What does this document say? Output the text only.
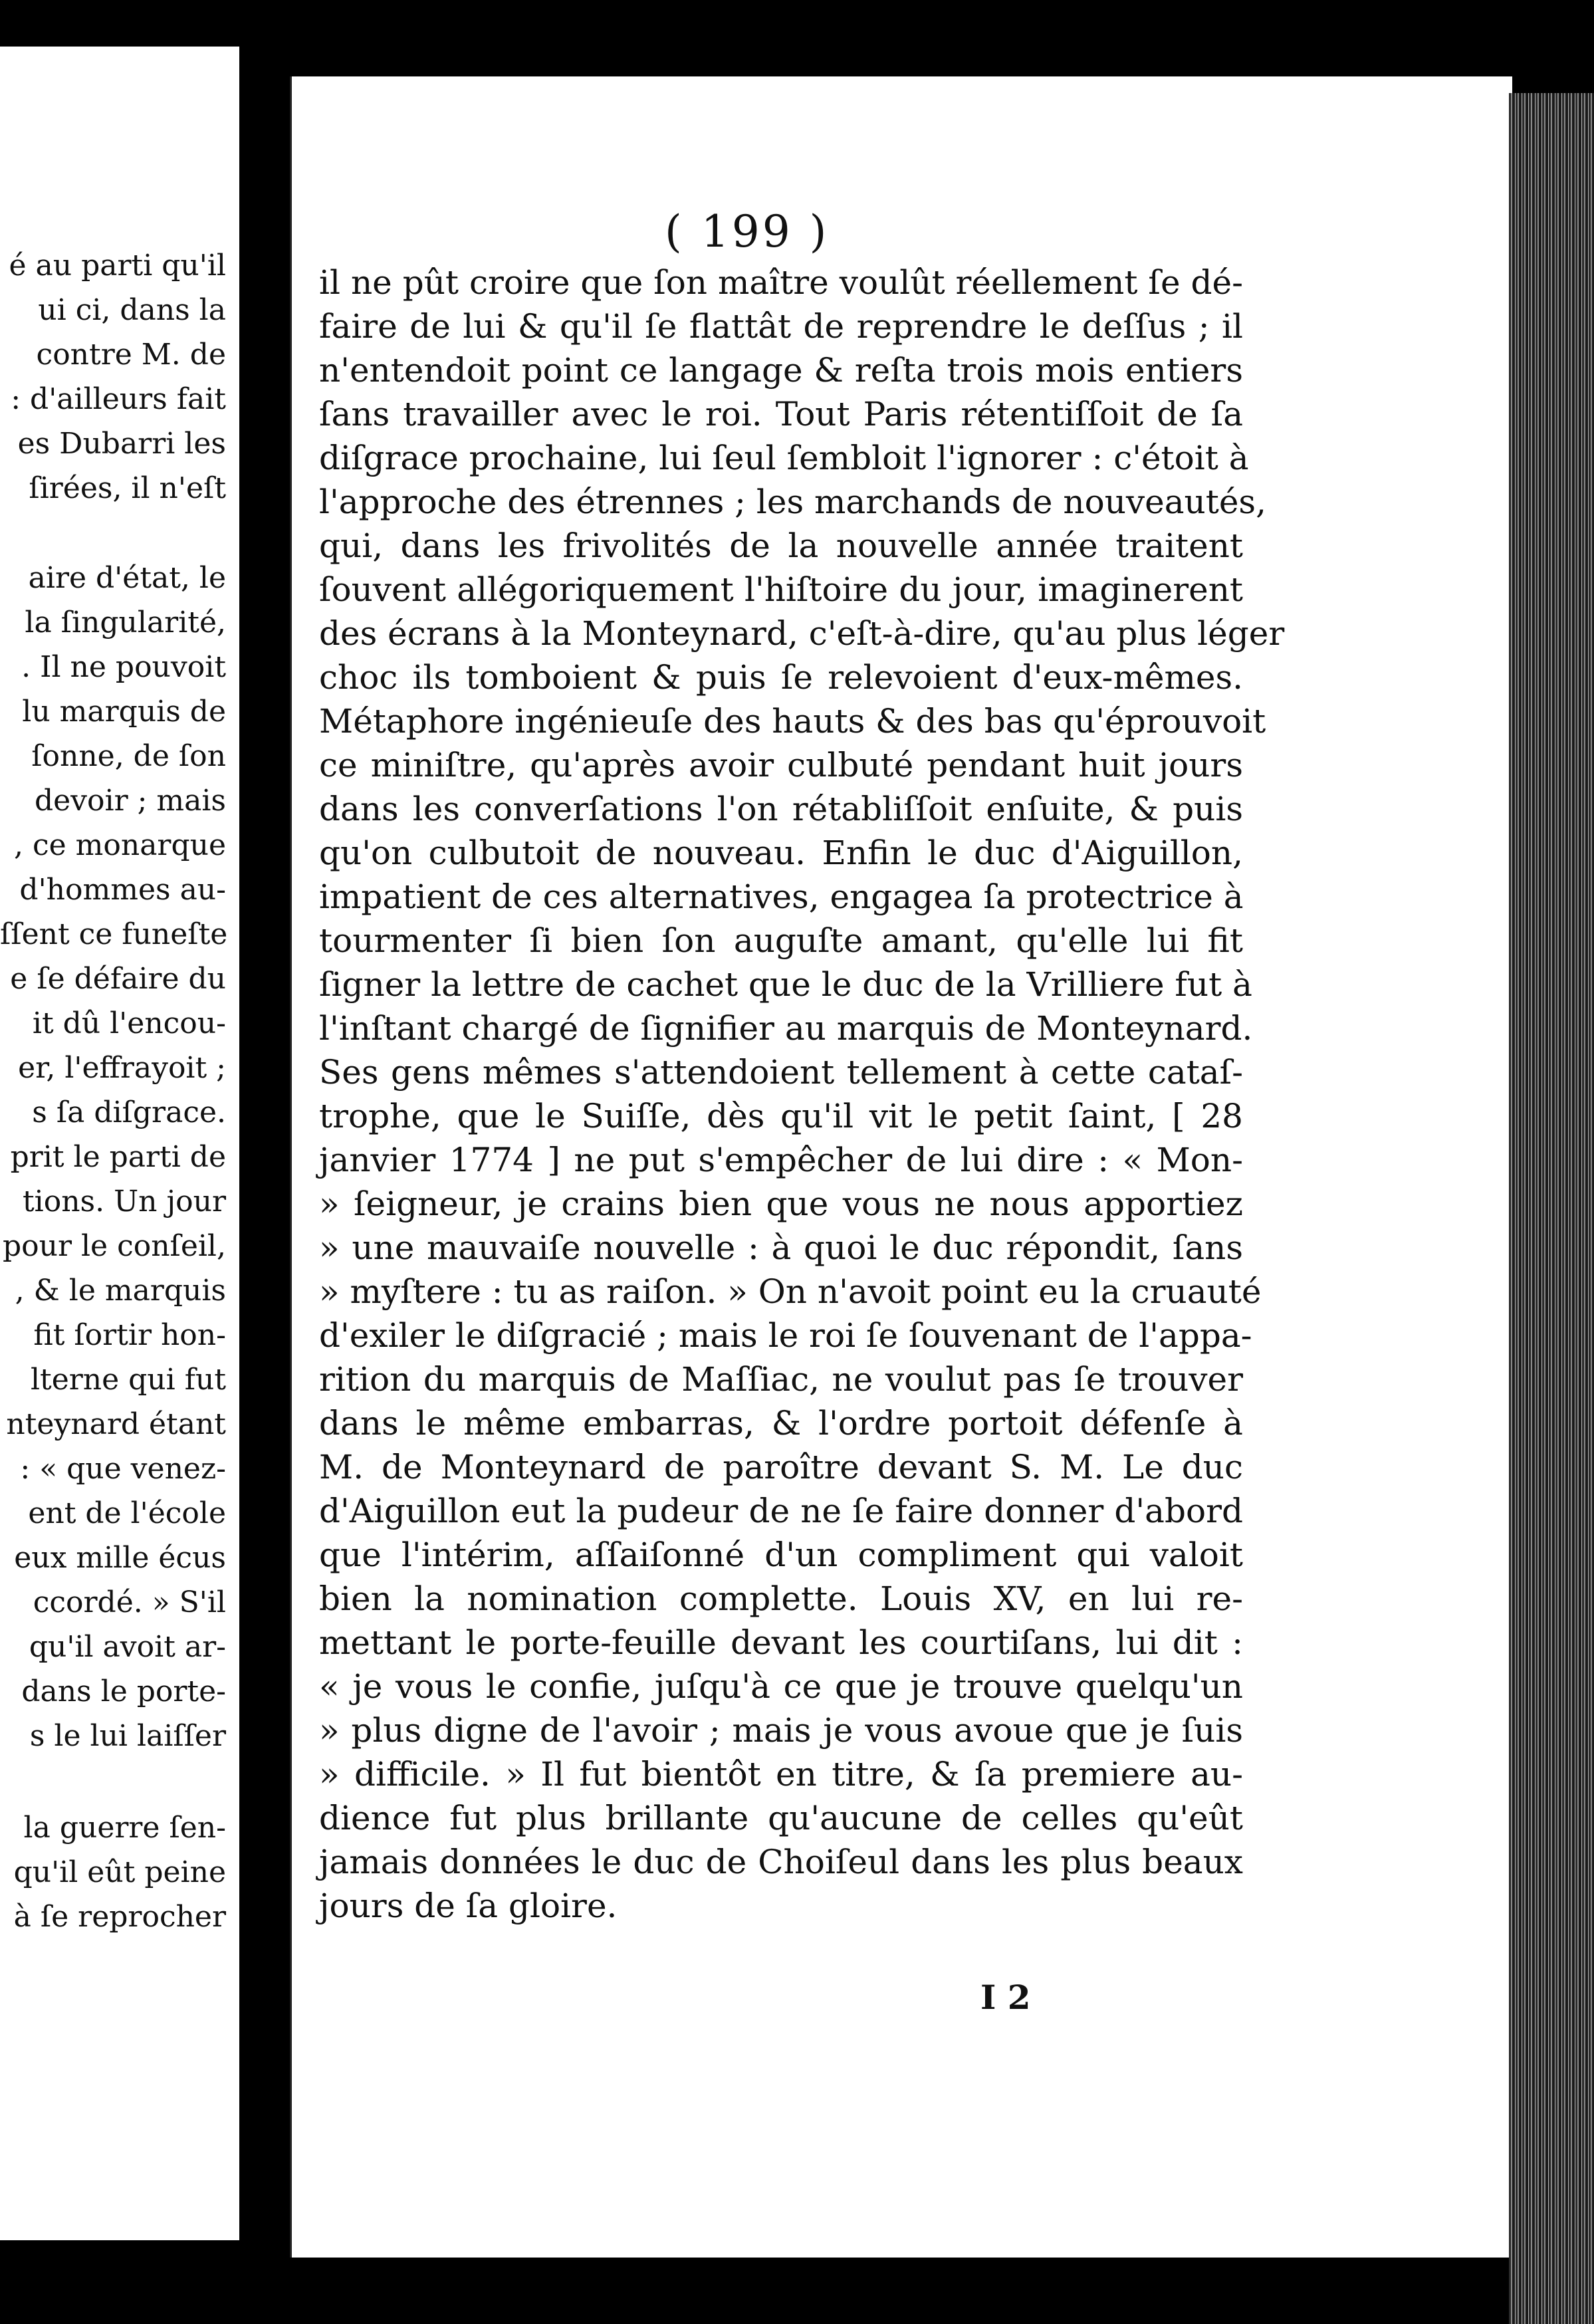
é au parti qu'il
ui ci, dans la
contre M. de
: d'ailleurs fait
es Dubarri les
ſirées, il n'eſt
aire d'état, le
la ſingularité,
. Il ne pouvoit
lu marquis de
ſonne, de ſon
devoir ; mais
, ce monarque
d'hommes au-
ſſent ce funeſte
e ſe défaire du
it dû l'encou-
er, l'effrayoit ;
s ſa diſgrace.
prit le parti de
tions. Un jour
pour le conſeil,
, & le marquis
fit ſortir hon-
lterne qui fut
nteynard étant
: « que venez-
ent de l'école
eux mille écus
ccordé. » S'il
qu'il avoit ar-
dans le porte-
s le lui laiſſer
la guerre ſen-
qu'il eût peine
à ſe reprocher
( 199 )
il ne pût croire que ſon maître voulût réellement ſe dé-
faire de lui & qu'il ſe flattât de reprendre le deſſus ; il
n'entendoit point ce langage & reſta trois mois entiers
ſans travailler avec le roi. Tout Paris rétentiſſoit de ſa
diſgrace prochaine, lui ſeul ſembloit l'ignorer : c'étoit à
l'approche des étrennes ; les marchands de nouveautés,
qui, dans les frivolités de la nouvelle année traitent
ſouvent allégoriquement l'hiſtoire du jour, imaginerent
des écrans à la Monteynard, c'eſt-à-dire, qu'au plus léger
choc ils tomboient & puis ſe relevoient d'eux-mêmes.
Métaphore ingénieuſe des hauts & des bas qu'éprouvoit
ce miniſtre, qu'après avoir culbuté pendant huit jours
dans les converſations l'on rétabliſſoit enſuite, & puis
qu'on culbutoit de nouveau. Enfin le duc d'Aiguillon,
impatient de ces alternatives, engagea ſa protectrice à
tourmenter ſi bien ſon auguſte amant, qu'elle lui fit
ſigner la lettre de cachet que le duc de la Vrilliere fut à
l'inſtant chargé de ſignifier au marquis de Monteynard.
Ses gens mêmes s'attendoient tellement à cette cataſ-
trophe, que le Suiſſe, dès qu'il vit le petit ſaint, [ 28
janvier 1774 ] ne put s'empêcher de lui dire : « Mon-
» ſeigneur, je crains bien que vous ne nous apportiez
» une mauvaiſe nouvelle : à quoi le duc répondit, ſans
» myſtere : tu as raiſon. » On n'avoit point eu la cruauté
d'exiler le diſgracié ; mais le roi ſe ſouvenant de l'appa-
rition du marquis de Maſſiac, ne voulut pas ſe trouver
dans le même embarras, & l'ordre portoit défenſe à
M. de Monteynard de paroître devant S. M. Le duc
d'Aiguillon eut la pudeur de ne ſe faire donner d'abord
que l'intérim, aſſaiſonné d'un compliment qui valoit
bien la nomination complette. Louis XV, en lui re-
mettant le porte-feuille devant les courtiſans, lui dit :
« je vous le confie, juſqu'à ce que je trouve quelqu'un
» plus digne de l'avoir ; mais je vous avoue que je ſuis
» difficile. » Il fut bientôt en titre, & ſa premiere au-
dience fut plus brillante qu'aucune de celles qu'eût
jamais données le duc de Choiſeul dans les plus beaux
jours de ſa gloire.
I 2
